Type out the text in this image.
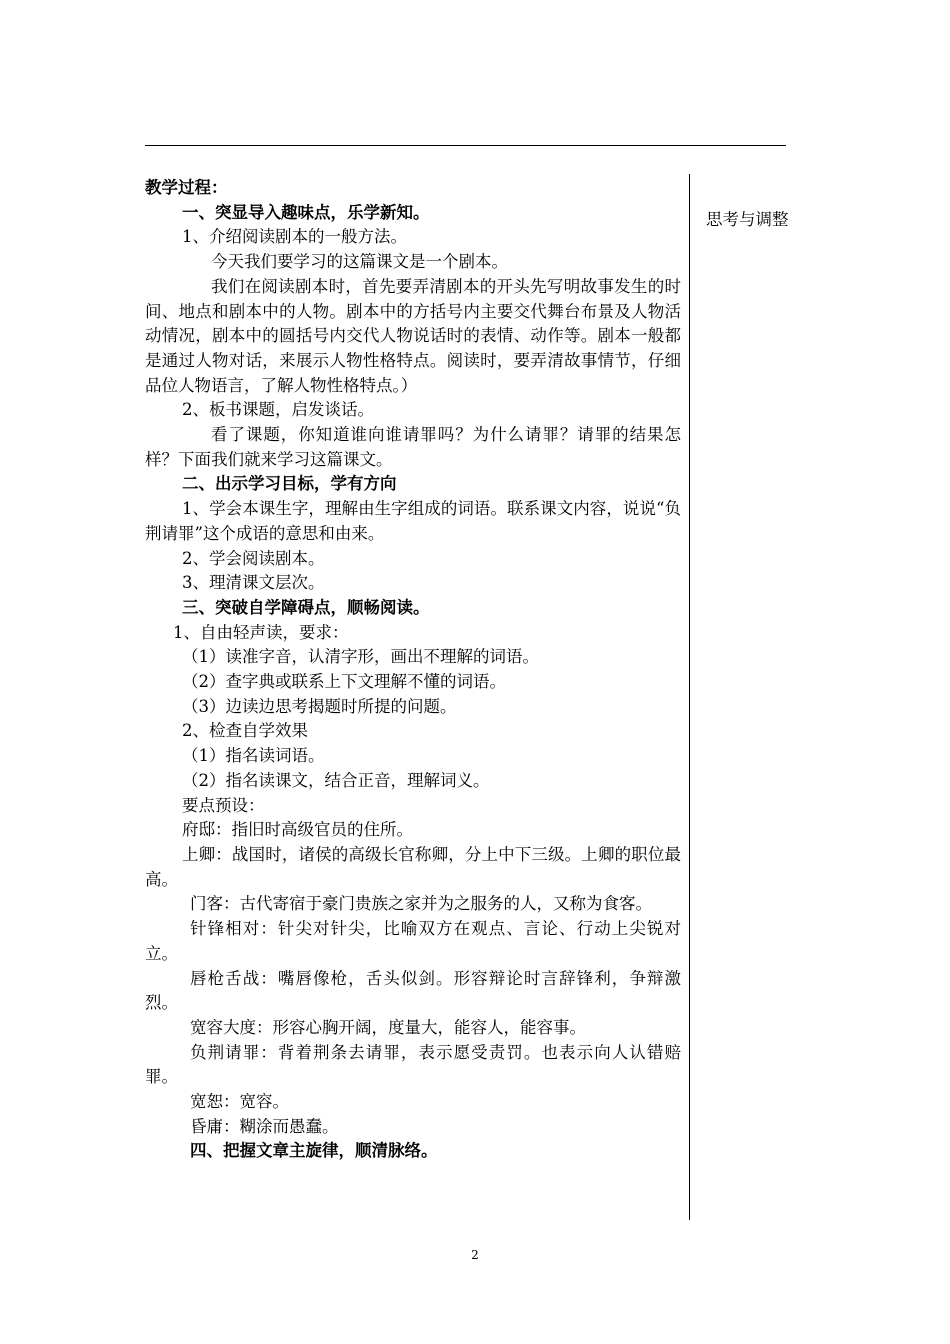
教学过程：
一、突显导入趣味点，乐学新知。
1、介绍阅读剧本的一般方法。
今天我们要学习的这篇课文是一个剧本。
我们在阅读剧本时，首先要弄清剧本的开头先写明故事发生的时间、地点和剧本中的人物。剧本中的方括号内主要交代舞台布景及人物活动情况，剧本中的圆括号内交代人物说话时的表情、动作等。剧本一般都是通过人物对话，来展示人物性格特点。阅读时，要弄清故事情节，仔细品位人物语言，了解人物性格特点。）
2、板书课题，启发谈话。
看了课题，你知道谁向谁请罪吗？为什么请罪？请罪的结果怎样？下面我们就来学习这篇课文。
二、出示学习目标，学有方向
1、学会本课生字，理解由生字组成的词语。联系课文内容，说说“负荆请罪”这个成语的意思和由来。
2、学会阅读剧本。
3、理清课文层次。
三、突破自学障碍点，顺畅阅读。
1、自由轻声读，要求：
（1）读准字音，认清字形，画出不理解的词语。
（2）查字典或联系上下文理解不懂的词语。
（3）边读边思考揭题时所提的问题。
2、检查自学效果
（1）指名读词语。
（2）指名读课文，结合正音，理解词义。
要点预设：
府邸：指旧时高级官员的住所。
上卿：战国时，诸侯的高级长官称卿，分上中下三级。上卿的职位最高。
门客：古代寄宿于豪门贵族之家并为之服务的人，又称为食客。
针锋相对：针尖对针尖，比喻双方在观点、言论、行动上尖锐对立。
唇枪舌战：嘴唇像枪，舌头似剑。形容辩论时言辞锋利，争辩激烈。
宽容大度：形容心胸开阔，度量大，能容人，能容事。
负荆请罪：背着荆条去请罪，表示愿受责罚。也表示向人认错赔罪。
宽恕：宽容。
昏庸：糊涂而愚蠢。
四、把握文章主旋律，顺清脉络。
思考与调整
2
